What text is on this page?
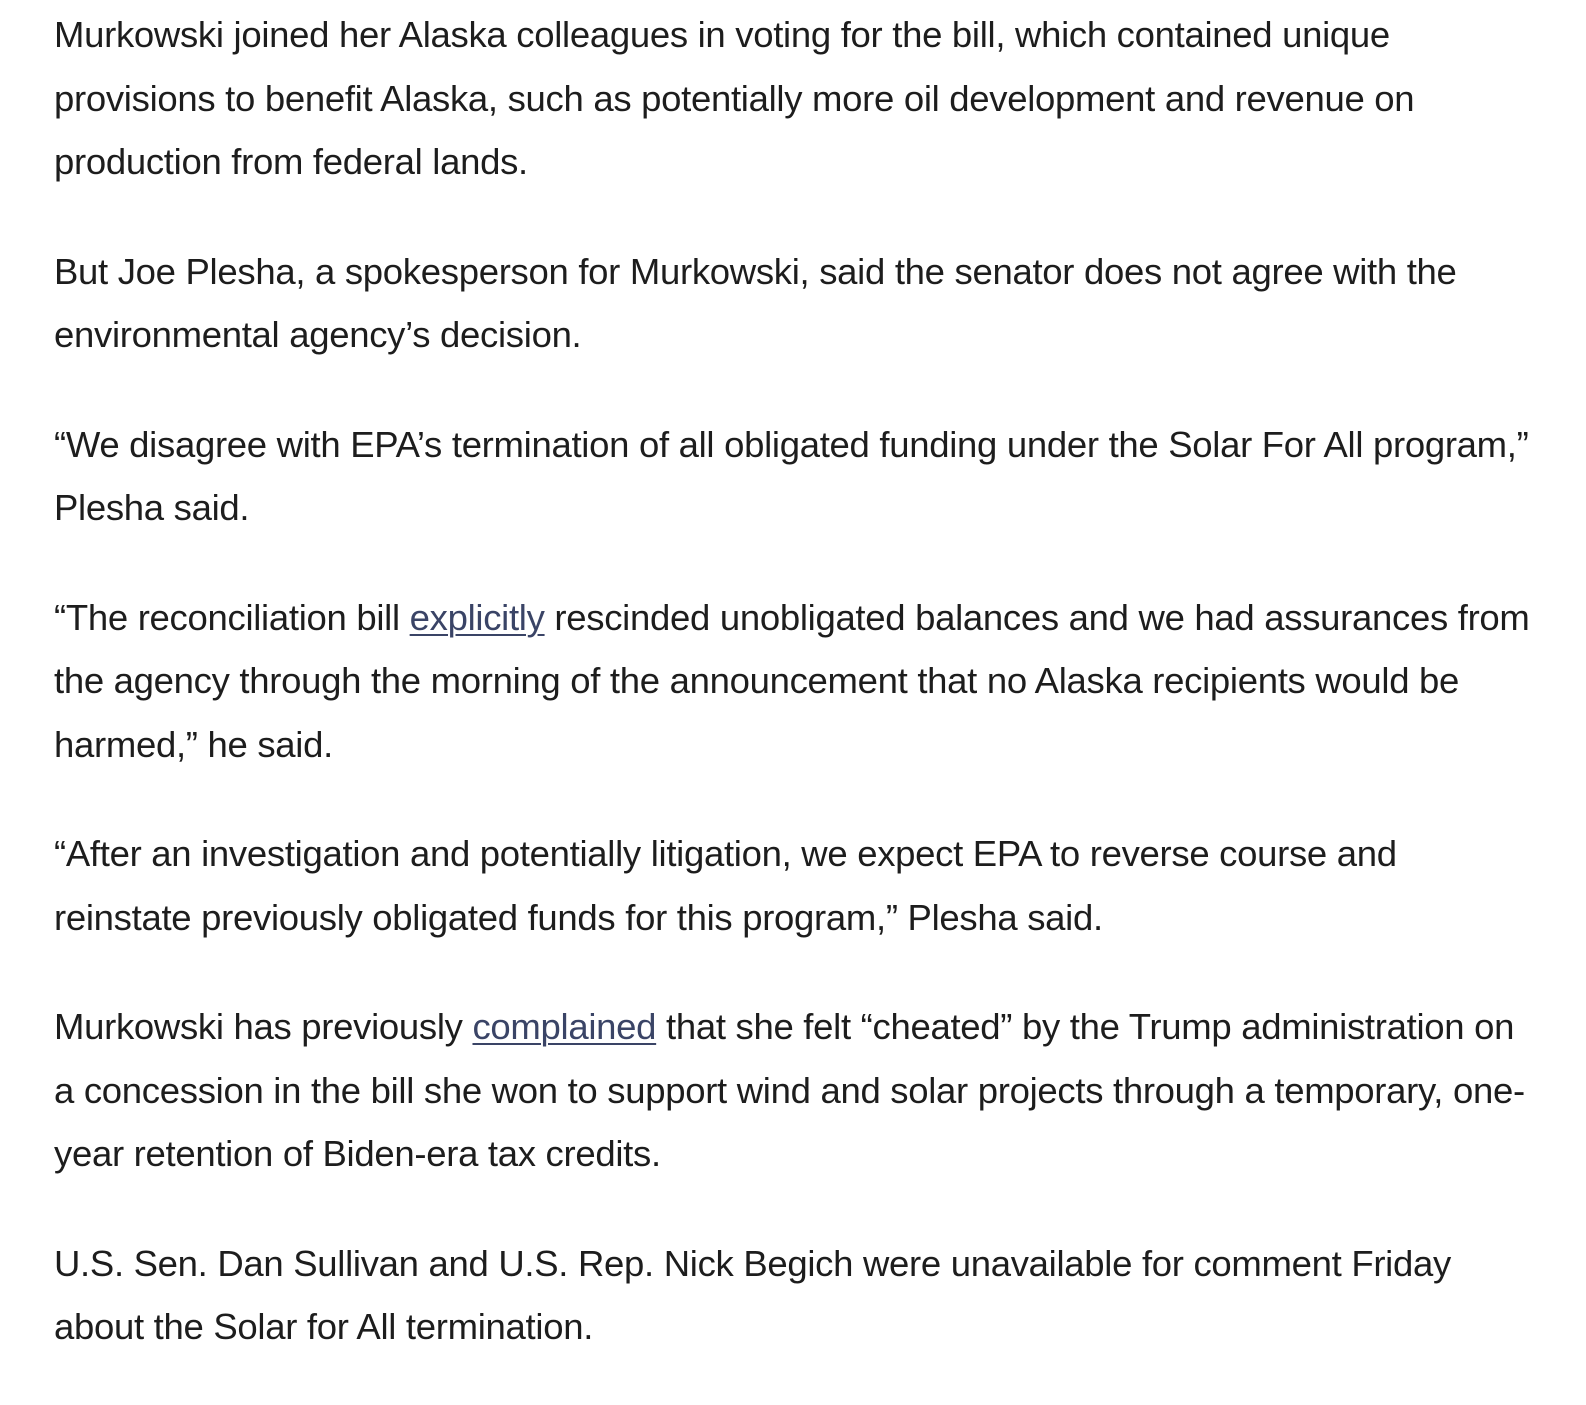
Murkowski joined her Alaska colleagues in voting for the bill, which contained unique provisions to benefit Alaska, such as potentially more oil development and revenue on production from federal lands.

But Joe Plesha, a spokesperson for Murkowski, said the senator does not agree with the environmental agency’s decision.

“We disagree with EPA’s termination of all obligated funding under the Solar For All program,” Plesha said.

“The reconciliation bill explicitly rescinded unobligated balances and we had assurances from the agency through the morning of the announcement that no Alaska recipients would be harmed,” he said.

“After an investigation and potentially litigation, we expect EPA to reverse course and reinstate previously obligated funds for this program,” Plesha said.

Murkowski has previously complained that she felt “cheated” by the Trump administration on a concession in the bill she won to support wind and solar projects through a temporary, one-year retention of Biden-era tax credits.

U.S. Sen. Dan Sullivan and U.S. Rep. Nick Begich were unavailable for comment Friday about the Solar for All termination.
